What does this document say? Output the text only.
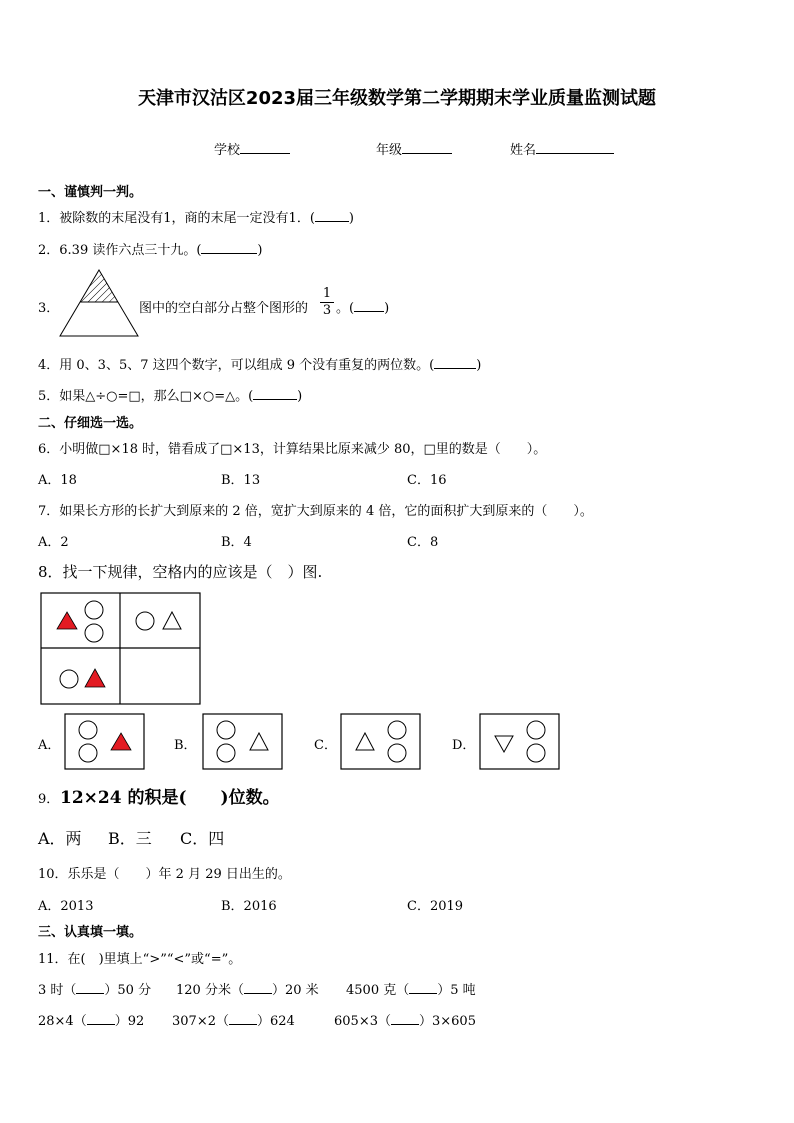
天津市汉沽区2023届三年级数学第二学期期末学业质量监测试题
学校	年级	姓名
一、谨慎判一判。
1．被除数的末尾没有1，商的末尾一定没有1．(	)
2．6.39 读作六点三十九。(	)
3．	图中的空白部分占整个图形的
1
3 。( )
4．用 0、3、5、7 这四个数字，可以组成 9 个没有重复的两位数。(	)
5．如果△÷○=□，那么□×○=△。(	)
二、仔细选一选。
6．小明做□×18 时，错看成了□×13，计算结果比原来减少 80，□里的数是（　　）。
A．18	B．13	C．16
7．如果长方形的长扩大到原来的 2 倍，宽扩大到原来的 4 倍，它的面积扩大到原来的（　　）。
A．2	B．4	C．8
8．找一下规律，空格内的应该是（　）图.
A．	B．	C．	D．
9． 12×24 的积是(　　)位数。
A．两 B．三 C．四
10．乐乐是（　　）年 2 月 29 日出生的。
A．2013	B．2016	C．2019
三、认真填一填。
11．在(　)里填上“>”“<”或“=”。
3 时（ ）50 分 120 分米（ ）20 米 4500 克（ ）5 吨
28×4（ ）92 307×2（ ）624	605×3（ ）3×605
